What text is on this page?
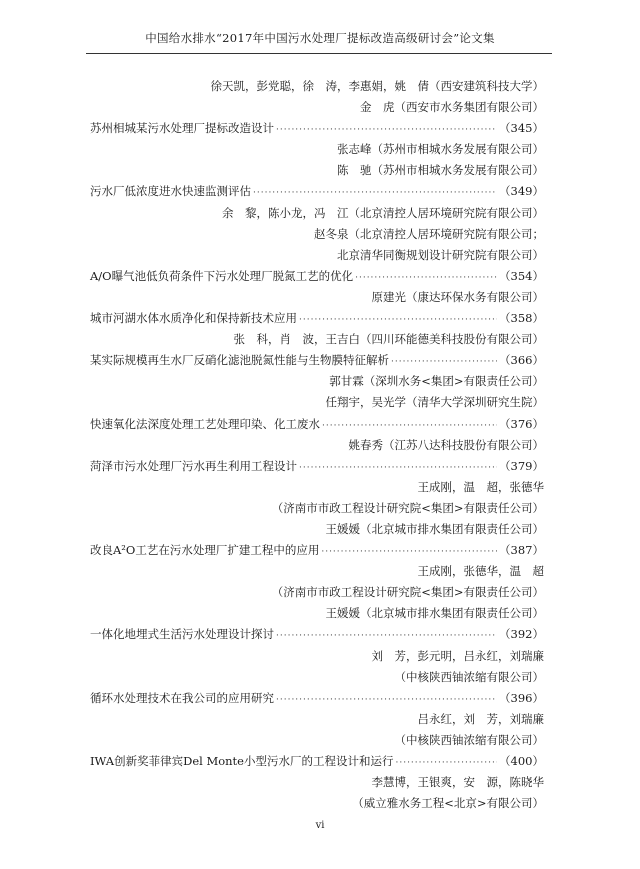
中国给水排水“2017年中国污水处理厂提标改造高级研讨会”论文集
徐天凯，彭党聪，徐　涛，李惠娟，姚　倩（西安建筑科技大学）
金　虎（西安市水务集团有限公司）
苏州相城某污水处理厂提标改造设计 ·····	（345）
张志峰（苏州市相城水务发展有限公司）
陈　驰（苏州市相城水务发展有限公司）
污水厂低浓度进水快速监测评估 ·····	（349）
余　黎，陈小龙，冯　江（北京清控人居环境研究院有限公司）
赵冬泉（北京清控人居环境研究院有限公司；
北京清华同衡规划设计研究院有限公司）
A/O曝气池低负荷条件下污水处理厂脱氮工艺的优化 ·····	（354）
原建光（康达环保水务有限公司）
城市河湖水体水质净化和保持新技术应用 ·····	（358）
张　科，肖　波，王吉白（四川环能德美科技股份有限公司）
某实际规模再生水厂反硝化滤池脱氮性能与生物膜特征解析 ·····	（366）
郭甘霖（深圳水务<集团>有限责任公司）
任翔宇，吴光学（清华大学深圳研究生院）
快速氧化法深度处理工艺处理印染、化工废水 ·····	（376）
姚春秀（江苏八达科技股份有限公司）
菏泽市污水处理厂污水再生利用工程设计 ·····	（379）
王成刚，温　超，张德华
（济南市市政工程设计研究院<集团>有限责任公司）
王媛媛（北京城市排水集团有限责任公司）
改良A²O工艺在污水处理厂扩建工程中的应用 ·····	（387）
王成刚，张德华，温　超
（济南市市政工程设计研究院<集团>有限责任公司）
王媛媛（北京城市排水集团有限责任公司）
一体化地埋式生活污水处理设计探讨 ·····	（392）
刘　芳，彭元明，吕永红，刘瑞廉
（中核陕西铀浓缩有限公司）
循环水处理技术在我公司的应用研究 ·····	（396）
吕永红，刘　芳，刘瑞廉
（中核陕西铀浓缩有限公司）
IWA创新奖菲律宾Del Monte小型污水厂的工程设计和运行 ·····	（400）
李慧博，王银爽，安　源，陈晓华
（威立雅水务工程<北京>有限公司）
vi
